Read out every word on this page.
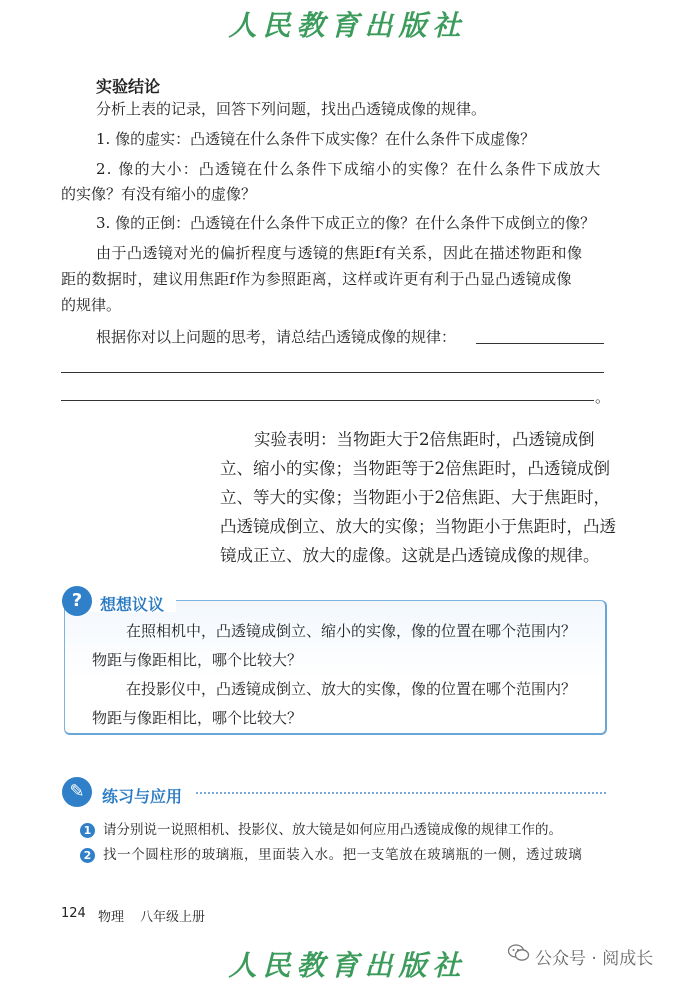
人民教育出版社
实验结论
分析上表的记录，回答下列问题，找出凸透镜成像的规律。
1. 像的虚实：凸透镜在什么条件下成实像？在什么条件下成虚像？
2. 像的大小：凸透镜在什么条件下成缩小的实像？在什么条件下成放大
的实像？有没有缩小的虚像？
3. 像的正倒：凸透镜在什么条件下成正立的像？在什么条件下成倒立的像？
由于凸透镜对光的偏折程度与透镜的焦距f有关系，因此在描述物距和像
距的数据时，建议用焦距f作为参照距离，这样或许更有利于凸显凸透镜成像
的规律。
根据你对以上问题的思考，请总结凸透镜成像的规律：
。
实验表明：当物距大于2倍焦距时，凸透镜成倒
立、缩小的实像；当物距等于2倍焦距时，凸透镜成倒
立、等大的实像；当物距小于2倍焦距、大于焦距时，
凸透镜成倒立、放大的实像；当物距小于焦距时，凸透
镜成正立、放大的虚像。这就是凸透镜成像的规律。
?	想想议议
在照相机中，凸透镜成倒立、缩小的实像，像的位置在哪个范围内？
物距与像距相比，哪个比较大？
在投影仪中，凸透镜成倒立、放大的实像，像的位置在哪个范围内？
物距与像距相比，哪个比较大？
✎	练习与应用
1 请分别说一说照相机、投影仪、放大镜是如何应用凸透镜成像的规律工作的。
2 找一个圆柱形的玻璃瓶，里面装入水。把一支笔放在玻璃瓶的一侧，透过玻璃
124 物理 八年级上册
人民教育出版社	公众号 · 阅成长
